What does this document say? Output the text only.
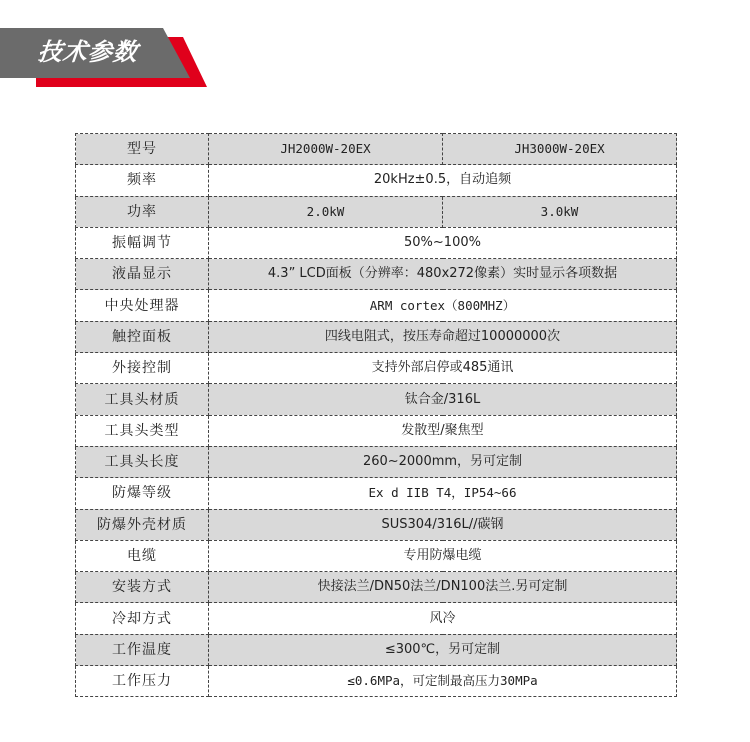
技术参数
型号	JH2000W-20EX	JH3000W-20EX
频率	20kHz±0.5，自动追频	
功率	2.0kW	3.0kW
振幅调节	50%~100%	
液晶显示	4.3” LCD面板（分辨率：480x272像素）实时显示各项数据	
中央处理器	ARM cortex（800MHZ）	
触控面板	四线电阻式，按压寿命超过10000000次	
外接控制	支持外部启停或485通讯	
工具头材质	钛合金/316L	
工具头类型	发散型/聚焦型	
工具头长度	260~2000mm，另可定制	
防爆等级	Ex d IIB T4，IP54~66	
防爆外壳材质	SUS304/316L//碳钢	
电缆	专用防爆电缆	
安装方式	快接法兰/DN50法兰/DN100法兰.另可定制	
冷却方式	风冷	
工作温度	≤300℃，另可定制	
工作压力	≤0.6MPa，可定制最高压力30MPa	
